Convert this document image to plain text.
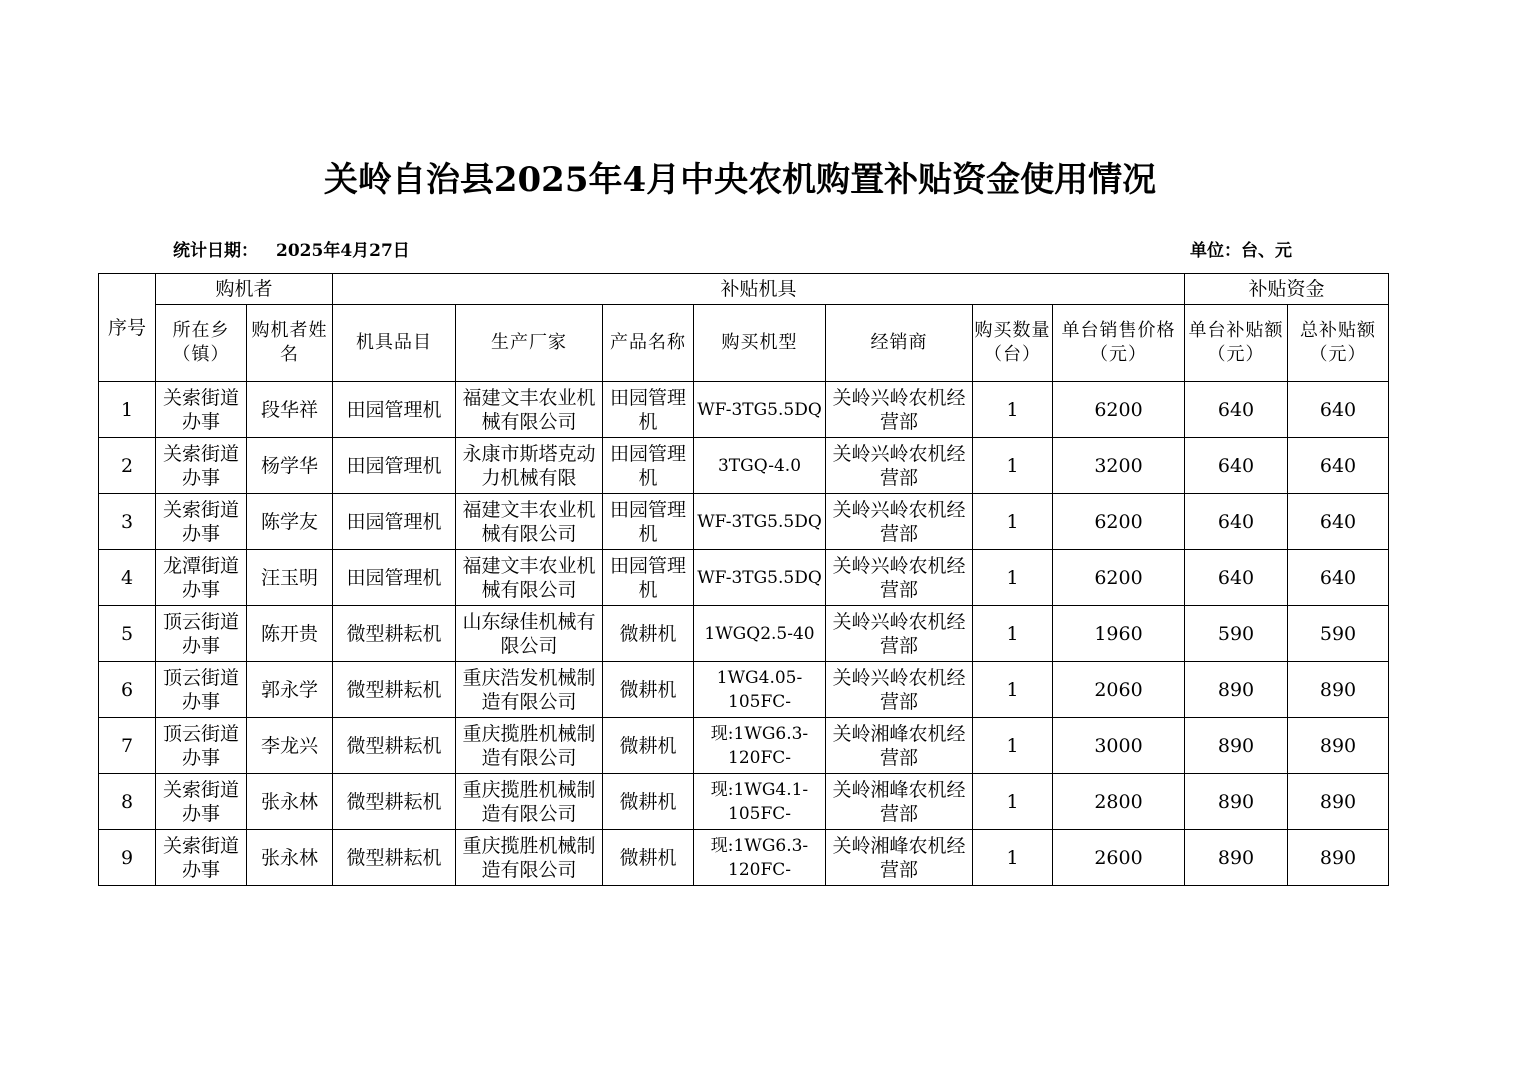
关岭自治县2025年4月中央农机购置补贴资金使用情况
统计日期： 2025年4月27日	单位：台、元
序号	购机者		补贴机具							补贴资金	
	所在乡（镇）	购机者姓名	机具品目	生产厂家	产品名称	购买机型	经销商	购买数量（台）	单台销售价格（元）	单台补贴额（元）	总补贴额（元）
1	关索街道办事	段华祥	田园管理机	福建文丰农业机械有限公司	田园管理机	WF-3TG5.5DQ	关岭兴岭农机经营部	1	6200	640	640
2	关索街道办事	杨学华	田园管理机	永康市斯塔克动力机械有限	田园管理机	3TGQ-4.0	关岭兴岭农机经营部	1	3200	640	640
3	关索街道办事	陈学友	田园管理机	福建文丰农业机械有限公司	田园管理机	WF-3TG5.5DQ	关岭兴岭农机经营部	1	6200	640	640
4	龙潭街道办事	汪玉明	田园管理机	福建文丰农业机械有限公司	田园管理机	WF-3TG5.5DQ	关岭兴岭农机经营部	1	6200	640	640
5	顶云街道办事	陈开贵	微型耕耘机	山东绿佳机械有限公司	微耕机	1WGQ2.5-40	关岭兴岭农机经营部	1	1960	590	590
6	顶云街道办事	郭永学	微型耕耘机	重庆浩发机械制造有限公司	微耕机	1WG4.05-105FC-	关岭兴岭农机经营部	1	2060	890	890
7	顶云街道办事	李龙兴	微型耕耘机	重庆揽胜机械制造有限公司	微耕机	现:1WG6.3-120FC-	关岭湘峰农机经营部	1	3000	890	890
8	关索街道办事	张永林	微型耕耘机	重庆揽胜机械制造有限公司	微耕机	现:1WG4.1-105FC-	关岭湘峰农机经营部	1	2800	890	890
9	关索街道办事	张永林	微型耕耘机	重庆揽胜机械制造有限公司	微耕机	现:1WG6.3-120FC-	关岭湘峰农机经营部	1	2600	890	890
